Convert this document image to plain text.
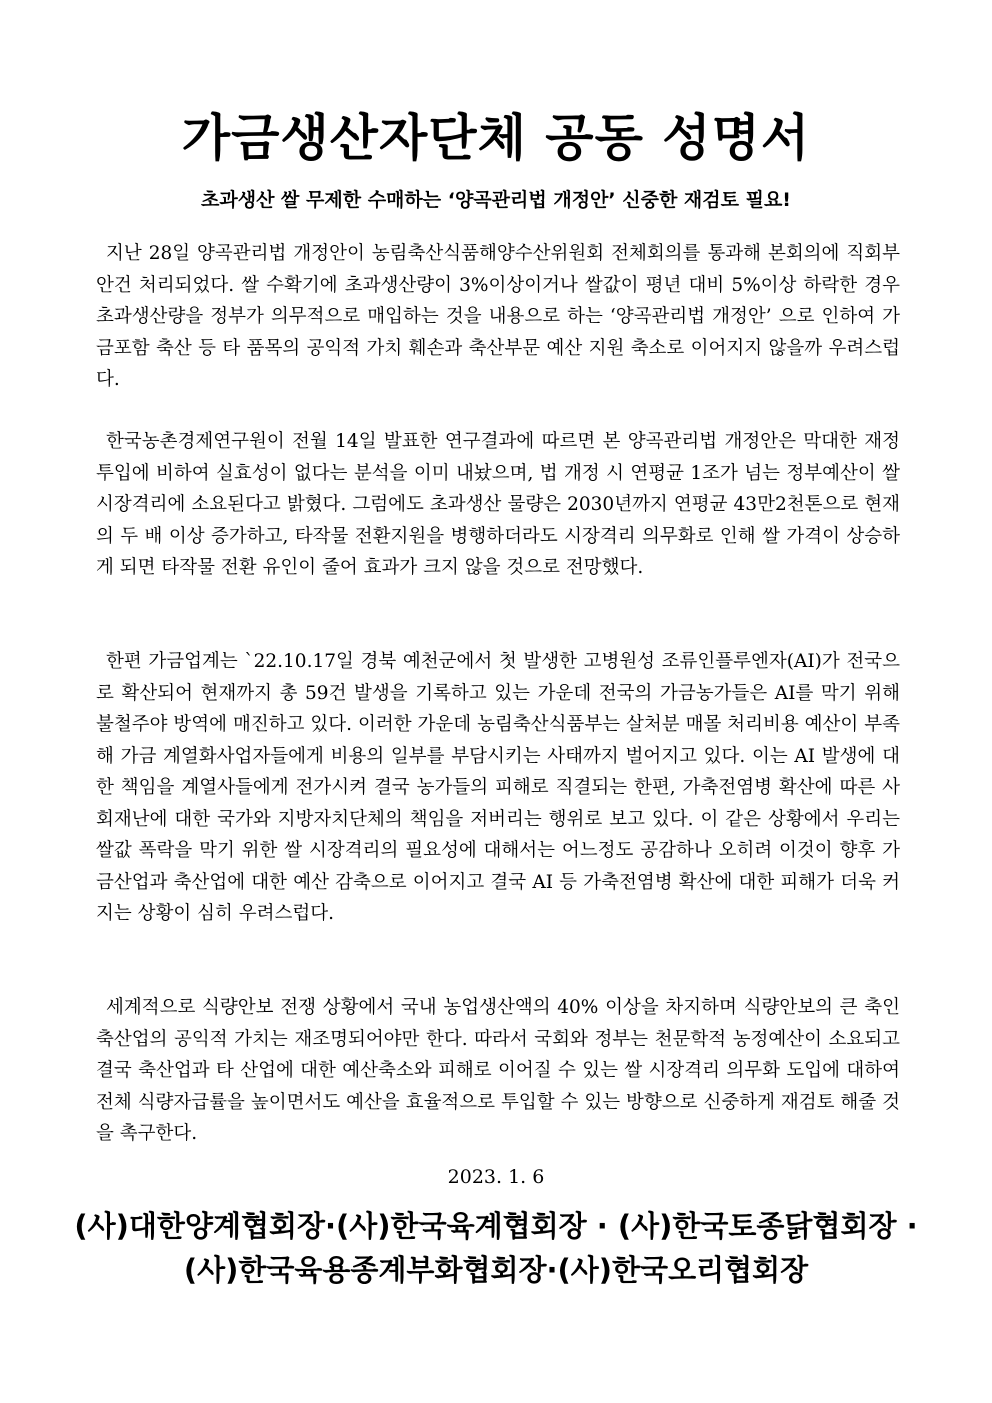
가금생산자단체 공동 성명서
초과생산 쌀 무제한 수매하는 ‘양곡관리법 개정안’ 신중한 재검토 필요!

지난 28일 양곡관리법 개정안이 농림축산식품해양수산위원회 전체회의를 통과해 본회의에 직회부 안건 처리되었다. 쌀 수확기에 초과생산량이 3%이상이거나 쌀값이 평년 대비 5%이상 하락한 경우 초과생산량을 정부가 의무적으로 매입하는 것을 내용으로 하는 ‘양곡관리법 개정안’ 으로 인하여 가금포함 축산 등 타 품목의 공익적 가치 훼손과 축산부문 예산 지원 축소로 이어지지 않을까 우려스럽다.

한국농촌경제연구원이 전월 14일 발표한 연구결과에 따르면 본 양곡관리법 개정안은 막대한 재정투입에 비하여 실효성이 없다는 분석을 이미 내놨으며, 법 개정 시 연평균 1조가 넘는 정부예산이 쌀 시장격리에 소요된다고 밝혔다. 그럼에도 초과생산 물량은 2030년까지 연평균 43만2천톤으로 현재의 두 배 이상 증가하고, 타작물 전환지원을 병행하더라도 시장격리 의무화로 인해 쌀 가격이 상승하게 되면 타작물 전환 유인이 줄어 효과가 크지 않을 것으로 전망했다.

한편 가금업계는 `22.10.17일 경북 예천군에서 첫 발생한 고병원성 조류인플루엔자(AI)가 전국으로 확산되어 현재까지 총 59건 발생을 기록하고 있는 가운데 전국의 가금농가들은 AI를 막기 위해 불철주야 방역에 매진하고 있다. 이러한 가운데 농림축산식품부는 살처분 매몰 처리비용 예산이 부족해 가금 계열화사업자들에게 비용의 일부를 부담시키는 사태까지 벌어지고 있다. 이는 AI 발생에 대한 책임을 계열사들에게 전가시켜 결국 농가들의 피해로 직결되는 한편, 가축전염병 확산에 따른 사회재난에 대한 국가와 지방자치단체의 책임을 저버리는 행위로 보고 있다. 이 같은 상황에서 우리는 쌀값 폭락을 막기 위한 쌀 시장격리의 필요성에 대해서는 어느정도 공감하나 오히려 이것이 향후 가금산업과 축산업에 대한 예산 감축으로 이어지고 결국 AI 등 가축전염병 확산에 대한 피해가 더욱 커지는 상황이 심히 우려스럽다.

세계적으로 식량안보 전쟁 상황에서 국내 농업생산액의 40% 이상을 차지하며 식량안보의 큰 축인 축산업의 공익적 가치는 재조명되어야만 한다. 따라서 국회와 정부는 천문학적 농정예산이 소요되고 결국 축산업과 타 산업에 대한 예산축소와 피해로 이어질 수 있는 쌀 시장격리 의무화 도입에 대하여 전체 식량자급률을 높이면서도 예산을 효율적으로 투입할 수 있는 방향으로 신중하게 재검토 해줄 것을 촉구한다.

2023. 1. 6

(사)대한양계협회장·(사)한국육계협회장 · (사)한국토종닭협회장 ·

(사)한국육용종계부화협회장·(사)한국오리협회장
